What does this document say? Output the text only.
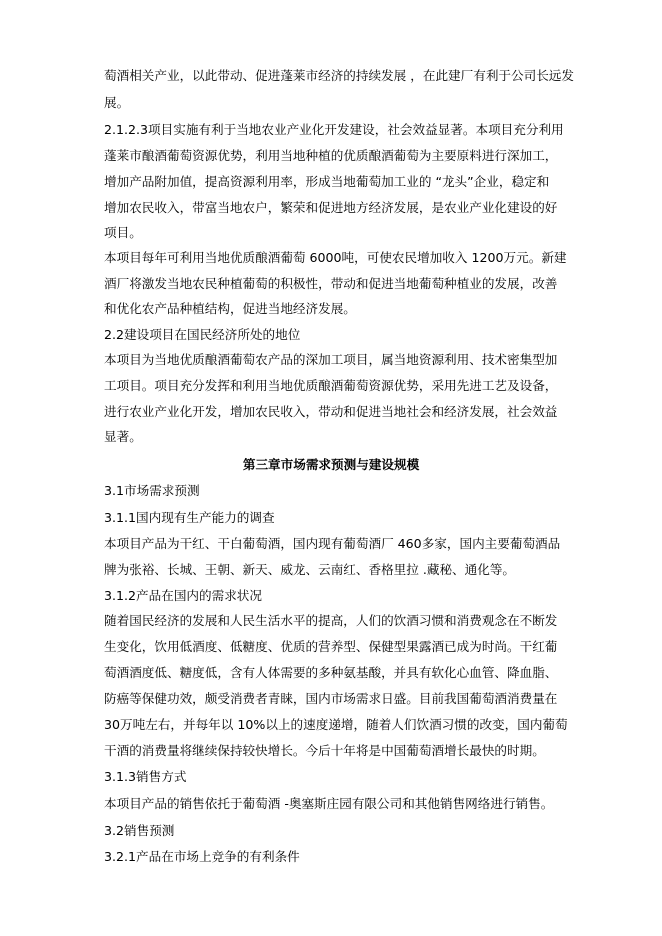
萄酒相关产业，以此带动、促进蓬莱市经济的持续发展 ，在此建厂有利于公司长远发
展。
2.1.2.3项目实施有利于当地农业产业化开发建设，社会效益显著。本项目充分利用
蓬莱市酿酒葡萄资源优势，利用当地种植的优质酿酒葡萄为主要原料进行深加工，
增加产品附加值，提高资源利用率，形成当地葡萄加工业的 “龙头”企业，稳定和
增加农民收入，带富当地农户，繁荣和促进地方经济发展，是农业产业化建设的好
项目。
本项目每年可利用当地优质酿酒葡萄 6000吨，可使农民增加收入 1200万元。新建
酒厂将激发当地农民种植葡萄的积极性，带动和促进当地葡萄种植业的发展，改善
和优化农产品种植结构，促进当地经济发展。
2.2建设项目在国民经济所处的地位
本项目为当地优质酿酒葡萄农产品的深加工项目，属当地资源利用、技术密集型加
工项目。项目充分发挥和利用当地优质酿酒葡萄资源优势，采用先进工艺及设备，
进行农业产业化开发，增加农民收入，带动和促进当地社会和经济发展，社会效益
显著。
第三章市场需求预测与建设规模
3.1市场需求预测
3.1.1国内现有生产能力的调查
本项目产品为干红、干白葡萄酒，国内现有葡萄酒厂 460多家，国内主要葡萄酒品
牌为张裕、长城、王朝、新天、威龙、云南红、香格里拉 .藏秘、通化等。
3.1.2产品在国内的需求状况
随着国民经济的发展和人民生活水平的提高，人们的饮酒习惯和消费观念在不断发
生变化，饮用低酒度、低糖度、优质的营养型、保健型果露酒已成为时尚。干红葡
萄酒酒度低、糖度低，含有人体需要的多种氨基酸，并具有软化心血管、降血脂、
防癌等保健功效，颇受消费者青睐，国内市场需求日盛。目前我国葡萄酒消费量在
30万吨左右，并每年以 10%以上的速度递增，随着人们饮酒习惯的改变，国内葡萄
干酒的消费量将继续保持较快增长。今后十年将是中国葡萄酒增长最快的时期。
3.1.3销售方式
本项目产品的销售依托于葡萄酒 -奥塞斯庄园有限公司和其他销售网络进行销售。
3.2销售预测
3.2.1产品在市场上竞争的有利条件
